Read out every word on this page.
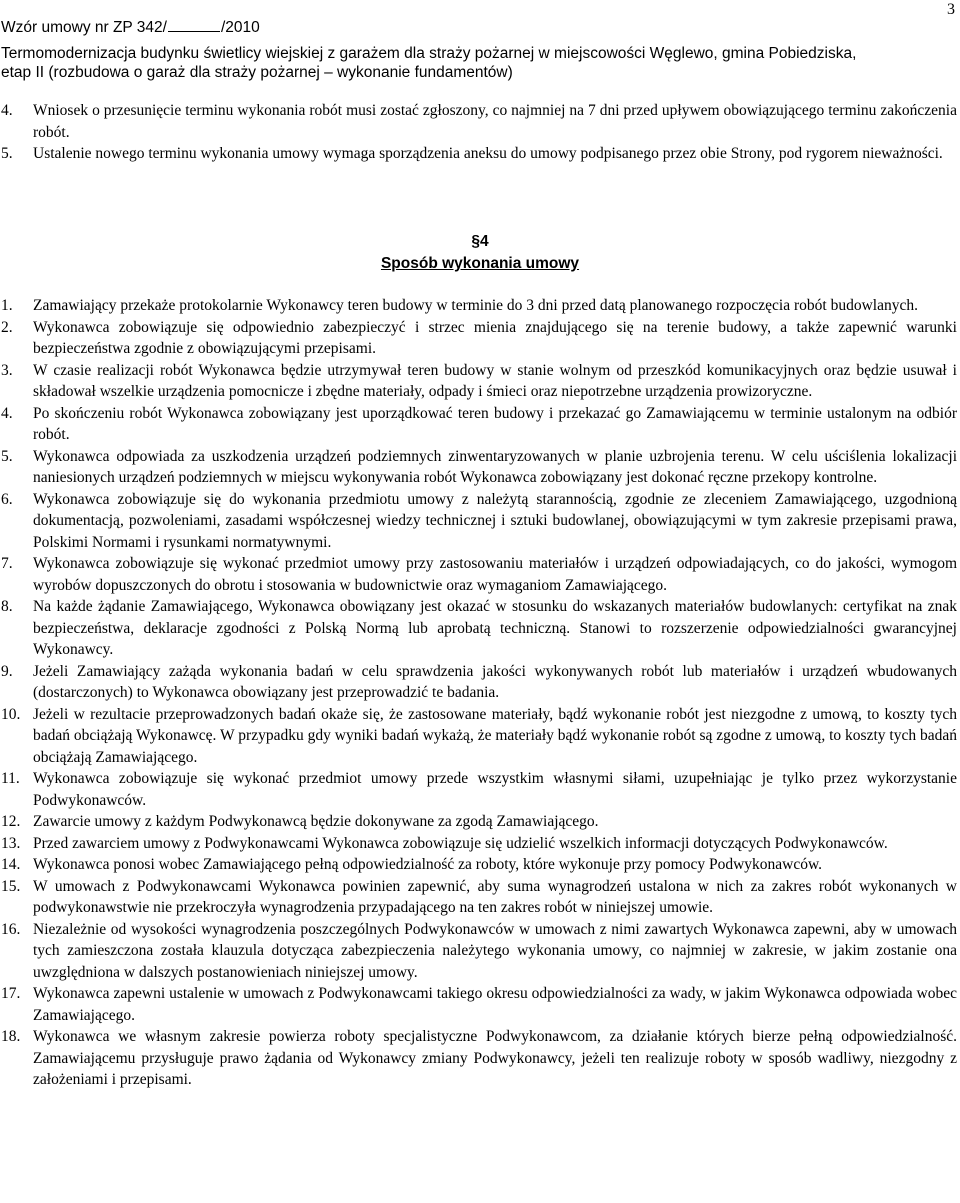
Wzór umowy nr ZP 342/	/2010
Termomodernizacja budynku świetlicy wiejskiej z garażem dla straży pożarnej w miejscowości Węglewo, gmina Pobiedziska,
etap II (rozbudowa o garaż dla straży pożarnej – wykonanie fundamentów)
3
4. Wniosek o przesunięcie terminu wykonania robót musi zostać zgłoszony, co najmniej na 7 dni przed upływem obowiązującego terminu zakończenia robót.
5. Ustalenie nowego terminu wykonania umowy wymaga sporządzenia aneksu do umowy podpisanego przez obie Strony, pod rygorem nieważności.
§4
Sposób wykonania umowy
1. Zamawiający przekaże protokolarnie Wykonawcy teren budowy w terminie do 3 dni przed datą planowanego rozpoczęcia robót budowlanych.
2. Wykonawca zobowiązuje się odpowiednio zabezpieczyć i strzec mienia znajdującego się na terenie budowy, a także zapewnić warunki bezpieczeństwa zgodnie z obowiązującymi przepisami.
3. W czasie realizacji robót Wykonawca będzie utrzymywał teren budowy w stanie wolnym od przeszkód komunikacyjnych oraz będzie usuwał i składował wszelkie urządzenia pomocnicze i zbędne materiały, odpady i śmieci oraz niepotrzebne urządzenia prowizoryczne.
4. Po skończeniu robót Wykonawca zobowiązany jest uporządkować teren budowy i przekazać go Zamawiającemu w terminie ustalonym na odbiór robót.
5. Wykonawca odpowiada za uszkodzenia urządzeń podziemnych zinwentaryzowanych w planie uzbrojenia terenu. W celu uściślenia lokalizacji naniesionych urządzeń podziemnych w miejscu wykonywania robót Wykonawca zobowiązany jest dokonać ręczne przekopy kontrolne.
6. Wykonawca zobowiązuje się do wykonania przedmiotu umowy z należytą starannością, zgodnie ze zleceniem Zamawiającego, uzgodnioną dokumentacją, pozwoleniami, zasadami współczesnej wiedzy technicznej i sztuki budowlanej, obowiązującymi w tym zakresie przepisami prawa, Polskimi Normami i rysunkami normatywnymi.
7. Wykonawca zobowiązuje się wykonać przedmiot umowy przy zastosowaniu materiałów i urządzeń odpowiadających, co do jakości, wymogom wyrobów dopuszczonych do obrotu i stosowania w budownictwie oraz wymaganiom Zamawiającego.
8. Na każde żądanie Zamawiającego, Wykonawca obowiązany jest okazać w stosunku do wskazanych materiałów budowlanych: certyfikat na znak bezpieczeństwa, deklaracje zgodności z Polską Normą lub aprobatą techniczną. Stanowi to rozszerzenie odpowiedzialności gwarancyjnej Wykonawcy.
9. Jeżeli Zamawiający zażąda wykonania badań w celu sprawdzenia jakości wykonywanych robót lub materiałów i urządzeń wbudowanych (dostarczonych) to Wykonawca obowiązany jest przeprowadzić te badania.
10. Jeżeli w rezultacie przeprowadzonych badań okaże się, że zastosowane materiały, bądź wykonanie robót jest niezgodne z umową, to koszty tych badań obciążają Wykonawcę. W przypadku gdy wyniki badań wykażą, że materiały bądź wykonanie robót są zgodne z umową, to koszty tych badań obciążają Zamawiającego.
11. Wykonawca zobowiązuje się wykonać przedmiot umowy przede wszystkim własnymi siłami, uzupełniając je tylko przez wykorzystanie Podwykonawców.
12. Zawarcie umowy z każdym Podwykonawcą będzie dokonywane za zgodą Zamawiającego.
13. Przed zawarciem umowy z Podwykonawcami Wykonawca zobowiązuje się udzielić wszelkich informacji dotyczących Podwykonawców.
14. Wykonawca ponosi wobec Zamawiającego pełną odpowiedzialność za roboty, które wykonuje przy pomocy Podwykonawców.
15. W umowach z Podwykonawcami Wykonawca powinien zapewnić, aby suma wynagrodzeń ustalona w nich za zakres robót wykonanych w podwykonawstwie nie przekroczyła wynagrodzenia przypadającego na ten zakres robót w niniejszej umowie.
16. Niezależnie od wysokości wynagrodzenia poszczególnych Podwykonawców w umowach z nimi zawartych Wykonawca zapewni, aby w umowach tych zamieszczona została klauzula dotycząca zabezpieczenia należytego wykonania umowy, co najmniej w zakresie, w jakim zostanie ona uwzględniona w dalszych postanowieniach niniejszej umowy.
17. Wykonawca zapewni ustalenie w umowach z Podwykonawcami takiego okresu odpowiedzialności za wady, w jakim Wykonawca odpowiada wobec Zamawiającego.
18. Wykonawca we własnym zakresie powierza roboty specjalistyczne Podwykonawcom, za działanie których bierze pełną odpowiedzialność. Zamawiającemu przysługuje prawo żądania od Wykonawcy zmiany Podwykonawcy, jeżeli ten realizuje roboty w sposób wadliwy, niezgodny z założeniami i przepisami.
